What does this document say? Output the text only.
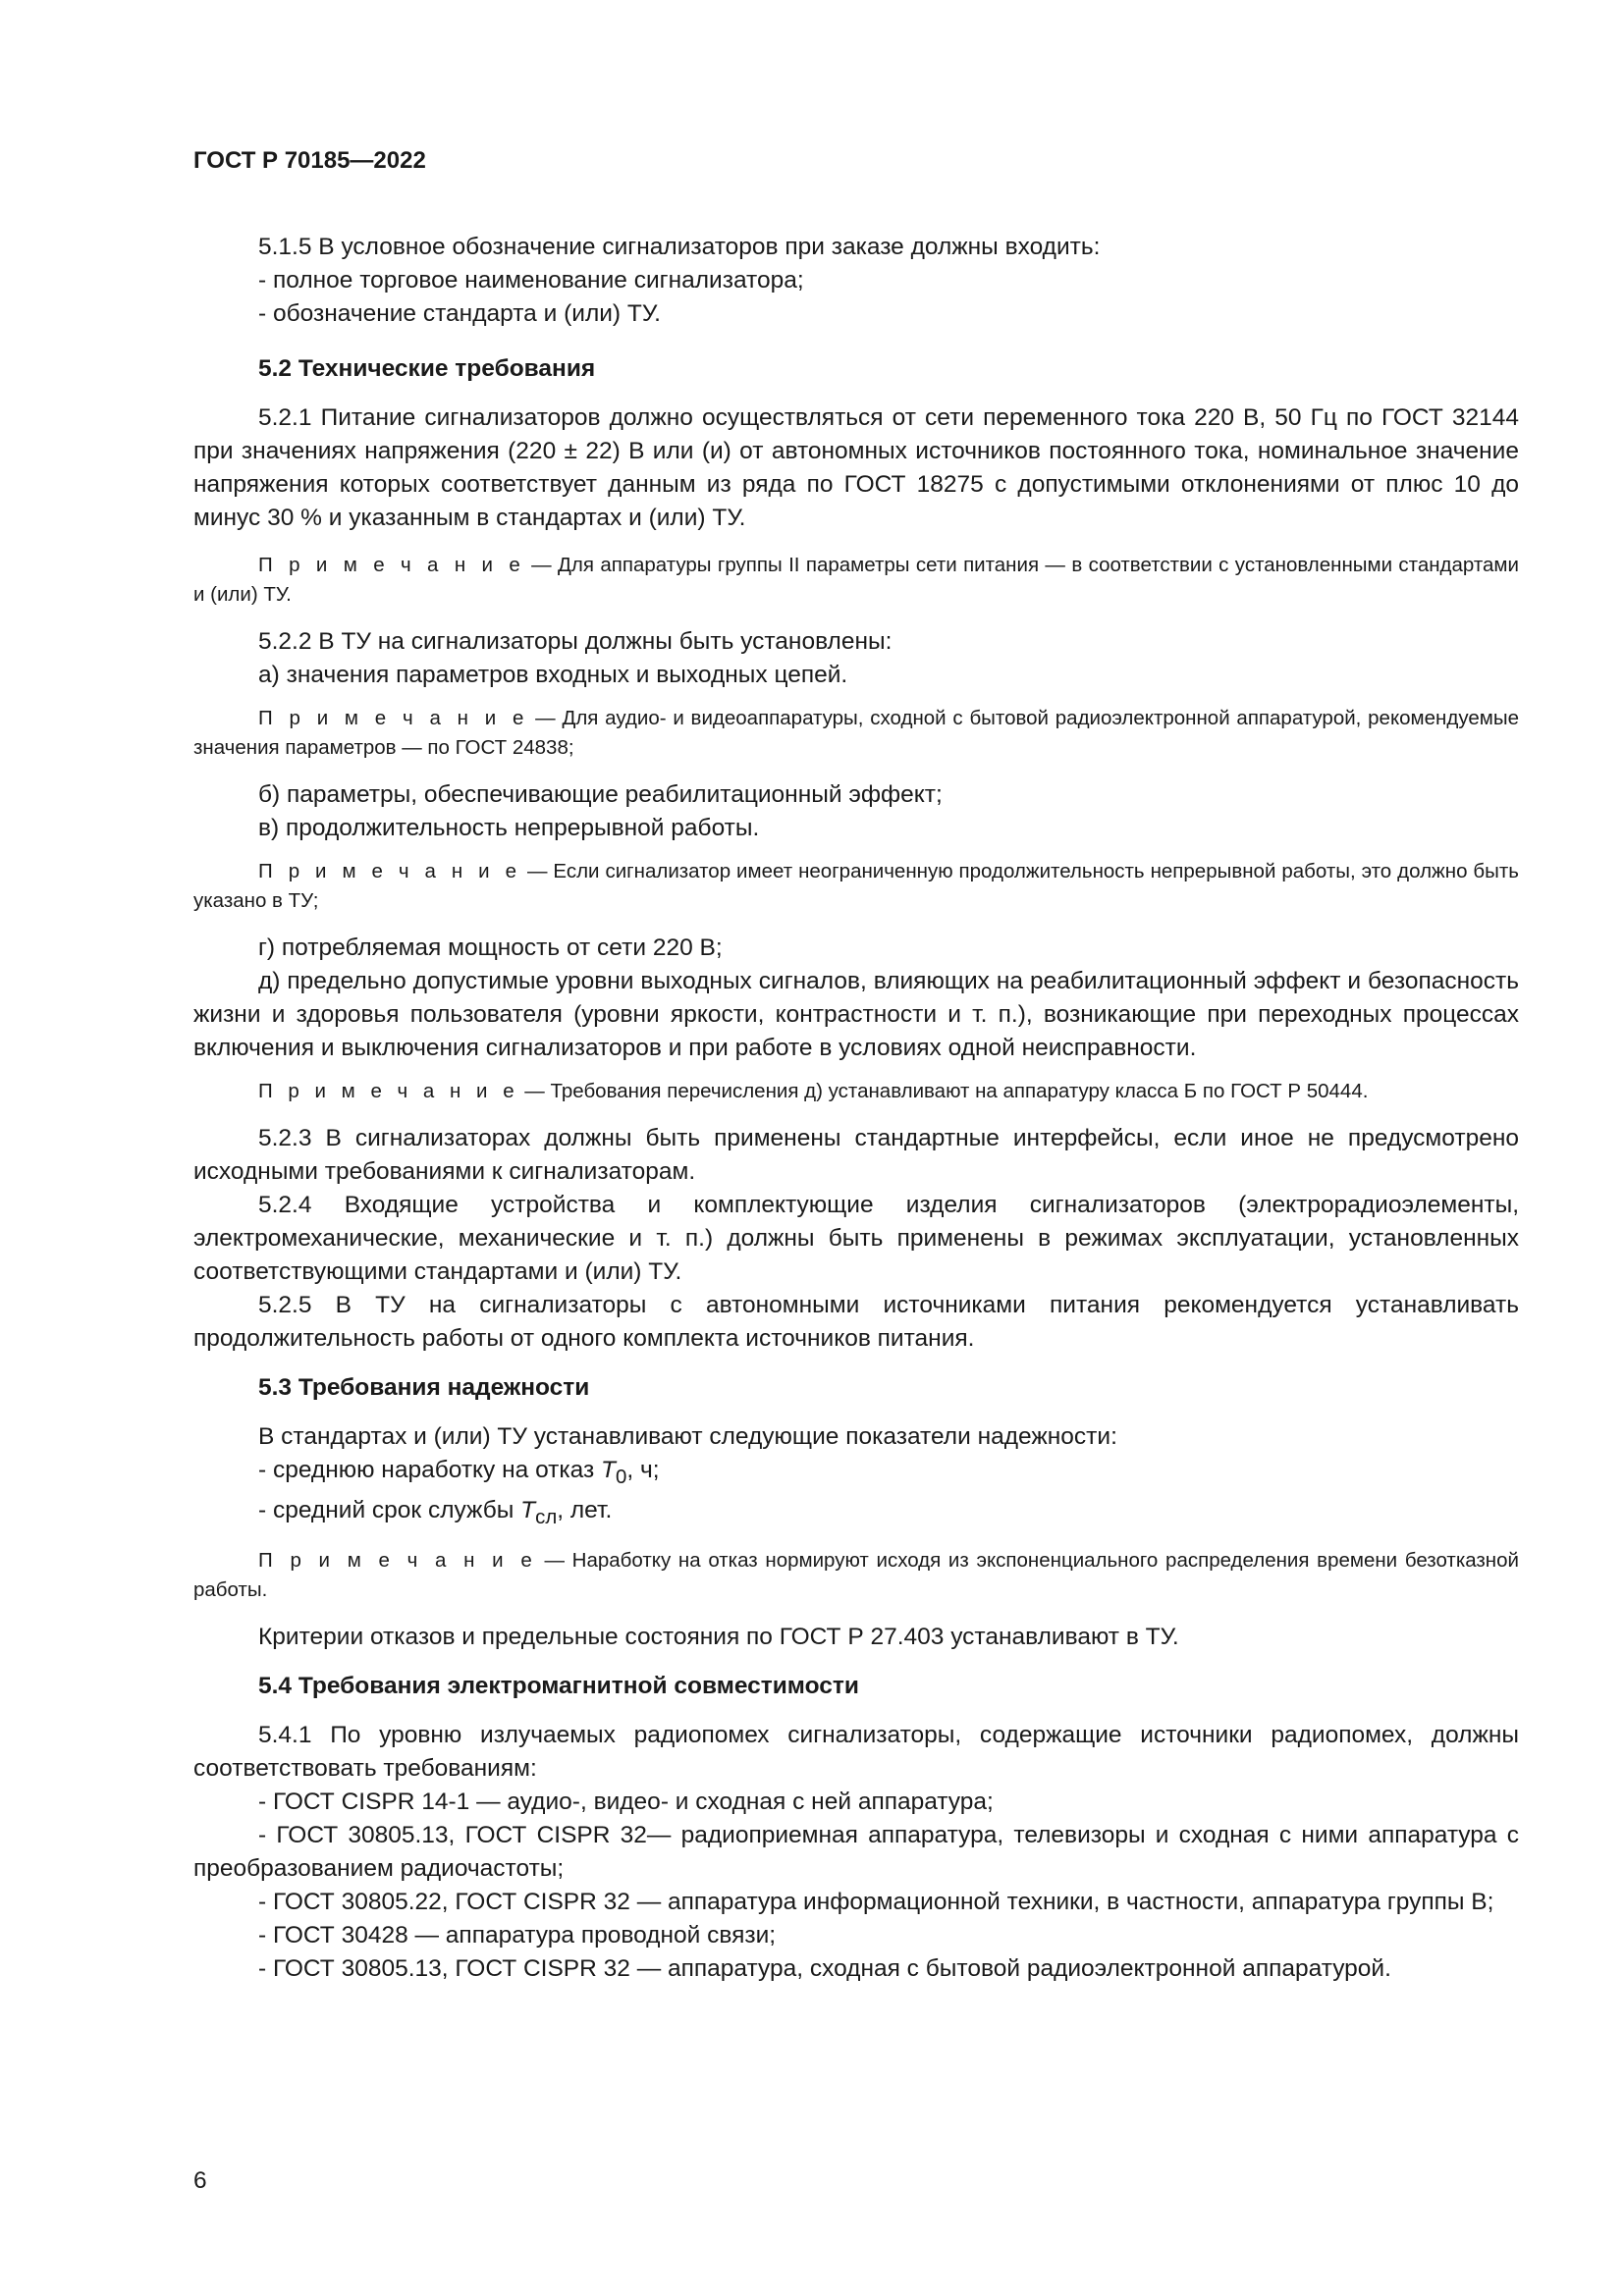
ГОСТ Р 70185—2022

5.1.5 В условное обозначение сигнализаторов при заказе должны входить:

- полное торговое наименование сигнализатора;

- обозначение стандарта и (или) ТУ.

5.2 Технические требования

5.2.1 Питание сигнализаторов должно осуществляться от сети переменного тока 220 В, 50 Гц по ГОСТ 32144 при значениях напряжения (220 ± 22) В или (и) от автономных источников постоянного тока, номинальное значение напряжения которых соответствует данным из ряда по ГОСТ 18275 с допустимыми отклонениями от плюс 10 до минус 30 % и указанным в стандартах и (или) ТУ.

П р и м е ч а н и е — Для аппаратуры группы II параметры сети питания — в соответствии с установленными стандартами и (или) ТУ.

5.2.2 В ТУ на сигнализаторы должны быть установлены:

а) значения параметров входных и выходных цепей.

П р и м е ч а н и е — Для аудио- и видеоаппаратуры, сходной с бытовой радиоэлектронной аппаратурой, рекомендуемые значения параметров — по ГОСТ 24838;

б) параметры, обеспечивающие реабилитационный эффект;

в) продолжительность непрерывной работы.

П р и м е ч а н и е — Если сигнализатор имеет неограниченную продолжительность непрерывной работы, это должно быть указано в ТУ;

г) потребляемая мощность от сети 220 В;

д) предельно допустимые уровни выходных сигналов, влияющих на реабилитационный эффект и безопасность жизни и здоровья пользователя (уровни яркости, контрастности и т. п.), возникающие при переходных процессах включения и выключения сигнализаторов и при работе в условиях одной неисправности.

П р и м е ч а н и е — Требования перечисления д) устанавливают на аппаратуру класса Б по ГОСТ Р 50444.

5.2.3 В сигнализаторах должны быть применены стандартные интерфейсы, если иное не предусмотрено исходными требованиями к сигнализаторам.

5.2.4 Входящие устройства и комплектующие изделия сигнализаторов (электрорадиоэлементы, электромеханические, механические и т. п.) должны быть применены в режимах эксплуатации, установленных соответствующими стандартами и (или) ТУ.

5.2.5 В ТУ на сигнализаторы с автономными источниками питания рекомендуется устанавливать продолжительность работы от одного комплекта источников питания.

5.3 Требования надежности

В стандартах и (или) ТУ устанавливают следующие показатели надежности:

- среднюю наработку на отказ $T_0$, ч;

- средний срок службы $T_{сл}$, лет.

П р и м е ч а н и е — Наработку на отказ нормируют исходя из экспоненциального распределения времени безотказной работы.

Критерии отказов и предельные состояния по ГОСТ Р 27.403 устанавливают в ТУ.

5.4 Требования электромагнитной совместимости

5.4.1 По уровню излучаемых радиопомех сигнализаторы, содержащие источники радиопомех, должны соответствовать требованиям:

- ГОСТ CISPR 14-1 — аудио-, видео- и сходная с ней аппаратура;

- ГОСТ 30805.13, ГОСТ CISPR 32— радиоприемная аппаратура, телевизоры и сходная с ними аппаратура с преобразованием радиочастоты;

- ГОСТ 30805.22, ГОСТ CISPR 32 — аппаратура информационной техники, в частности, аппаратура группы В;

- ГОСТ 30428 — аппаратура проводной связи;

- ГОСТ 30805.13, ГОСТ CISPR 32 — аппаратура, сходная с бытовой радиоэлектронной аппаратурой.

6
